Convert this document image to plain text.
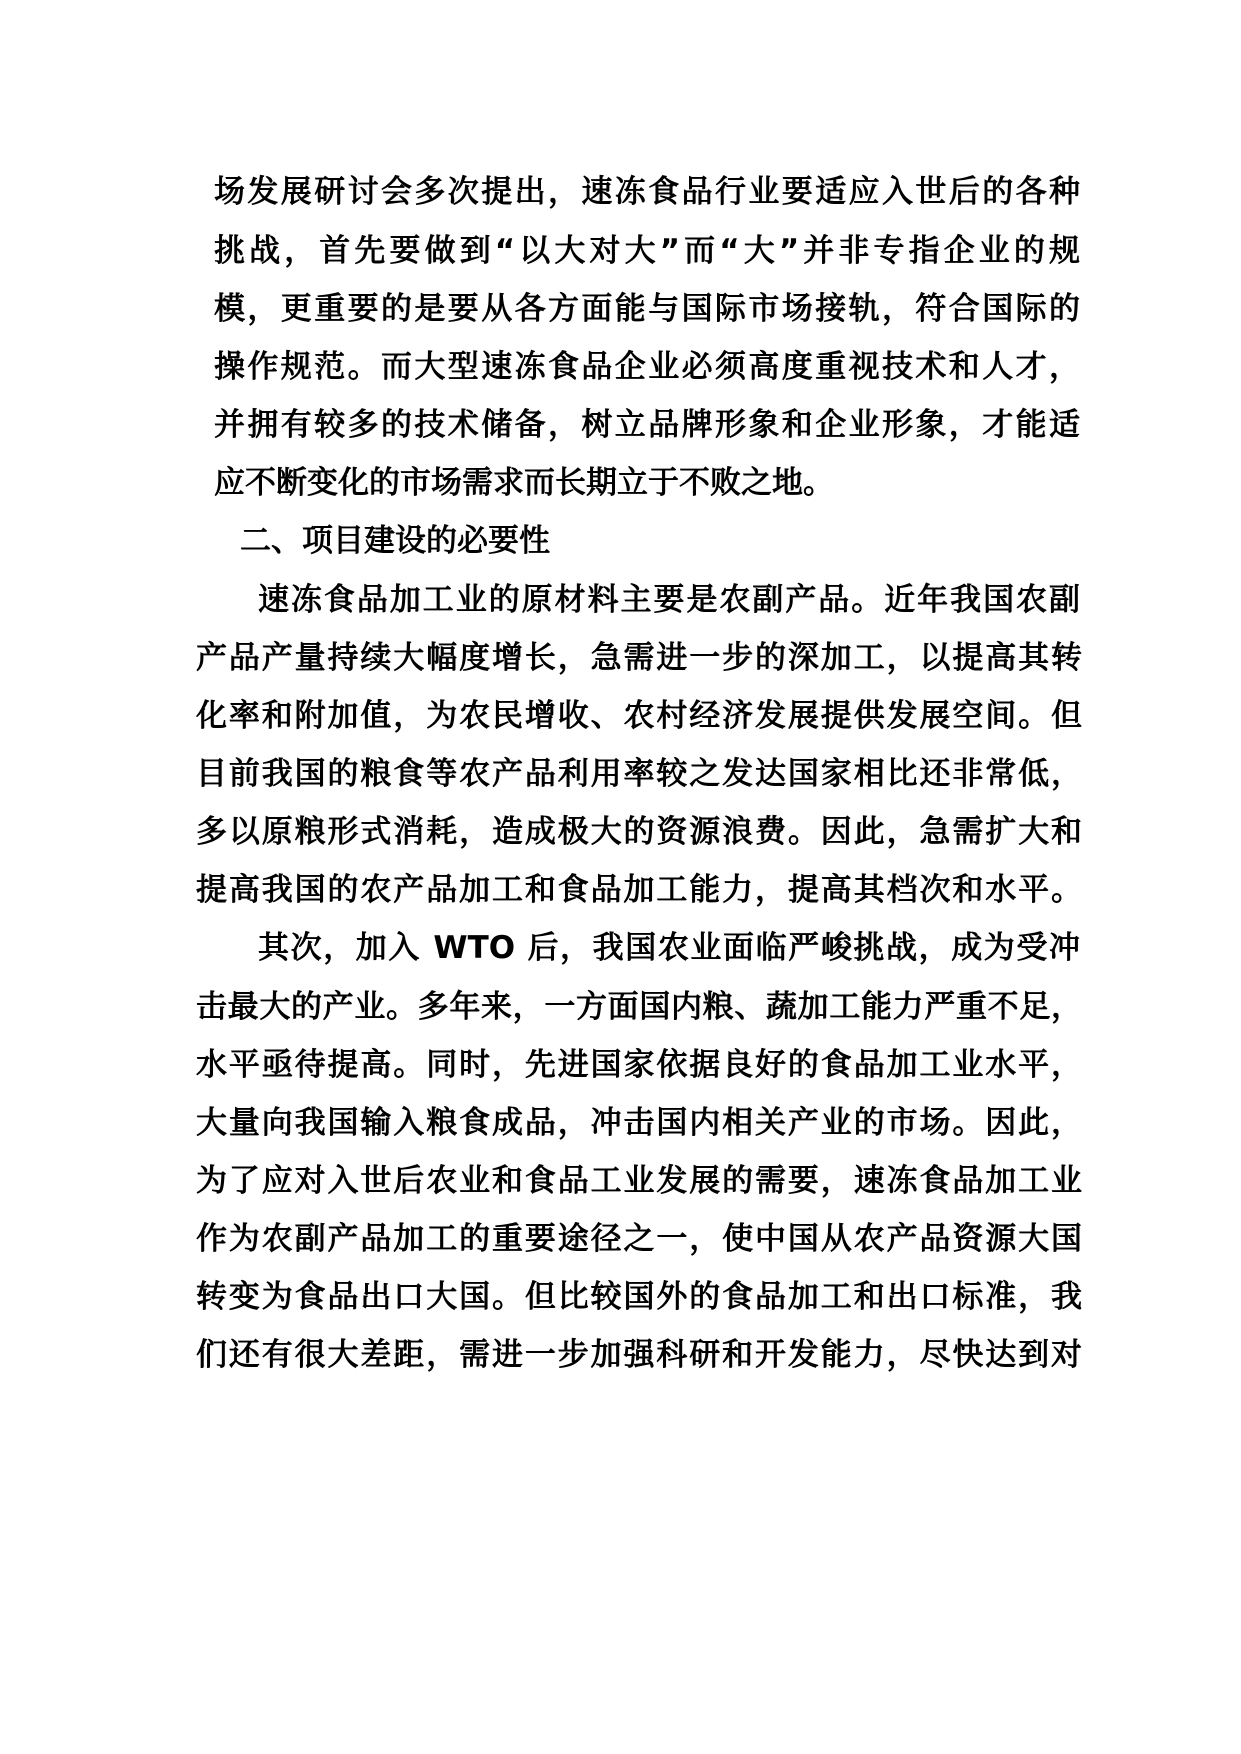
场发展研讨会多次提出，速冻食品行业要适应入世后的各种
挑战，首先要做到“以大对大”而“大”并非专指企业的规
模，更重要的是要从各方面能与国际市场接轨，符合国际的
操作规范。而大型速冻食品企业必须高度重视技术和人才，
并拥有较多的技术储备，树立品牌形象和企业形象，才能适
应不断变化的市场需求而长期立于不败之地。
二、项目建设的必要性
速冻食品加工业的原材料主要是农副产品。近年我国农副
产品产量持续大幅度增长，急需进一步的深加工，以提高其转
化率和附加值，为农民增收、农村经济发展提供发展空间。但
目前我国的粮食等农产品利用率较之发达国家相比还非常低，
多以原粮形式消耗，造成极大的资源浪费。因此，急需扩大和
提高我国的农产品加工和食品加工能力，提高其档次和水平。
其次，加入 WTO 后，我国农业面临严峻挑战，成为受冲
击最大的产业。多年来，一方面国内粮、蔬加工能力严重不足，
水平亟待提高。同时，先进国家依据良好的食品加工业水平，
大量向我国输入粮食成品，冲击国内相关产业的市场。因此，
为了应对入世后农业和食品工业发展的需要，速冻食品加工业
作为农副产品加工的重要途径之一，使中国从农产品资源大国
转变为食品出口大国。但比较国外的食品加工和出口标准，我
们还有很大差距，需进一步加强科研和开发能力，尽快达到对
